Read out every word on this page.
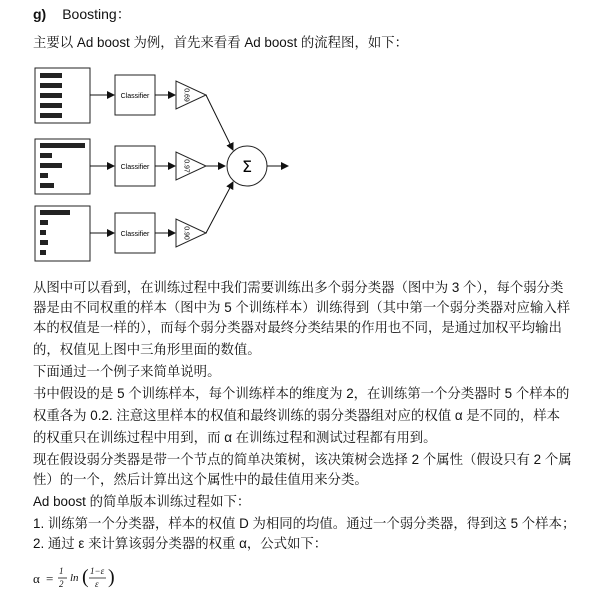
g) Boosting：
主要以 Ad boost 为例，首先来看看 Ad boost 的流程图，如下：
Classifier
Classifier
Classifier
0.69
0.97
0.90
Σ
从图中可以看到，在训练过程中我们需要训练出多个弱分类器（图中为 3 个），每个弱分类
器是由不同权重的样本（图中为 5 个训练样本）训练得到（其中第一个弱分类器对应输入样
本的权值是一样的），而每个弱分类器对最终分类结果的作用也不同，是通过加权平均输出
的，权值见上图中三角形里面的数值。
下面通过一个例子来简单说明。
书中假设的是 5 个训练样本，每个训练样本的维度为 2，在训练第一个分类器时 5 个样本的
权重各为 0.2. 注意这里样本的权值和最终训练的弱分类器组对应的权值 α 是不同的，样本
的权重只在训练过程中用到，而 α 在训练过程和测试过程都有用到。
现在假设弱分类器是带一个节点的简单决策树，该决策树会选择 2 个属性（假设只有 2 个属
性）的一个，然后计算出这个属性中的最佳值用来分类。
Ad boost 的简单版本训练过程如下：
1. 训练第一个分类器，样本的权值 D 为相同的均值。通过一个弱分类器，得到这 5 个样本；
2. 通过 ε 来计算该弱分类器的权重 α，公式如下：
α = 1
2 ln ( 1−ε
ε )
